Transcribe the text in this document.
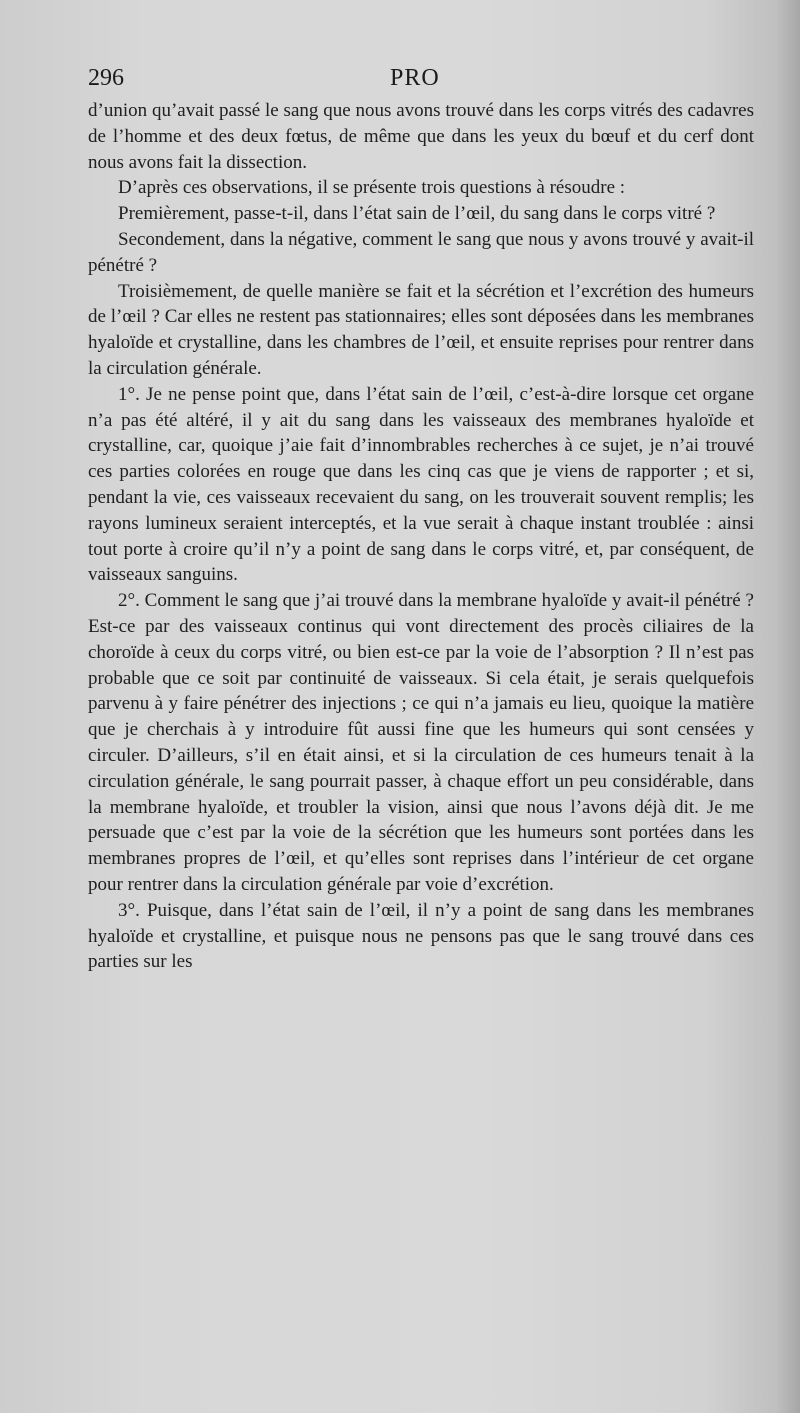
296	PRO

d’union qu’avait passé le sang que nous avons trouvé dans les corps vitrés des cadavres de l’homme et des deux fœtus, de même que dans les yeux du bœuf et du cerf dont nous avons fait la dissection.

D’après ces observations, il se présente trois questions à résoudre :

Premièrement, passe-t-il, dans l’état sain de l’œil, du sang dans le corps vitré ?

Secondement, dans la négative, comment le sang que nous y avons trouvé y avait-il pénétré ?

Troisièmement, de quelle manière se fait et la sécrétion et l’excrétion des humeurs de l’œil ? Car elles ne restent pas stationnaires; elles sont déposées dans les membranes hyaloïde et crystalline, dans les chambres de l’œil, et ensuite reprises pour rentrer dans la circulation générale.

1°. Je ne pense point que, dans l’état sain de l’œil, c’est-à-dire lorsque cet organe n’a pas été altéré, il y ait du sang dans les vaisseaux des membranes hyaloïde et crystalline, car, quoique j’aie fait d’innombrables recherches à ce sujet, je n’ai trouvé ces parties colorées en rouge que dans les cinq cas que je viens de rapporter ; et si, pendant la vie, ces vaisseaux recevaient du sang, on les trouverait souvent remplis; les rayons lumineux seraient interceptés, et la vue serait à chaque instant troublée : ainsi tout porte à croire qu’il n’y a point de sang dans le corps vitré, et, par conséquent, de vaisseaux sanguins.

2°. Comment le sang que j’ai trouvé dans la membrane hyaloïde y avait-il pénétré ? Est-ce par des vaisseaux continus qui vont directement des procès ciliaires de la choroïde à ceux du corps vitré, ou bien est-ce par la voie de l’absorption ? Il n’est pas probable que ce soit par continuité de vaisseaux. Si cela était, je serais quelquefois parvenu à y faire pénétrer des injections ; ce qui n’a jamais eu lieu, quoique la matière que je cherchais à y introduire fût aussi fine que les humeurs qui sont censées y circuler. D’ailleurs, s’il en était ainsi, et si la circulation de ces humeurs tenait à la circulation générale, le sang pourrait passer, à chaque effort un peu considérable, dans la membrane hyaloïde, et troubler la vision, ainsi que nous l’avons déjà dit. Je me persuade que c’est par la voie de la sécrétion que les humeurs sont portées dans les membranes propres de l’œil, et qu’elles sont reprises dans l’intérieur de cet organe pour rentrer dans la circulation générale par voie d’excrétion.

3°. Puisque, dans l’état sain de l’œil, il n’y a point de sang dans les membranes hyaloïde et crystalline, et puisque nous ne pensons pas que le sang trouvé dans ces parties sur les
